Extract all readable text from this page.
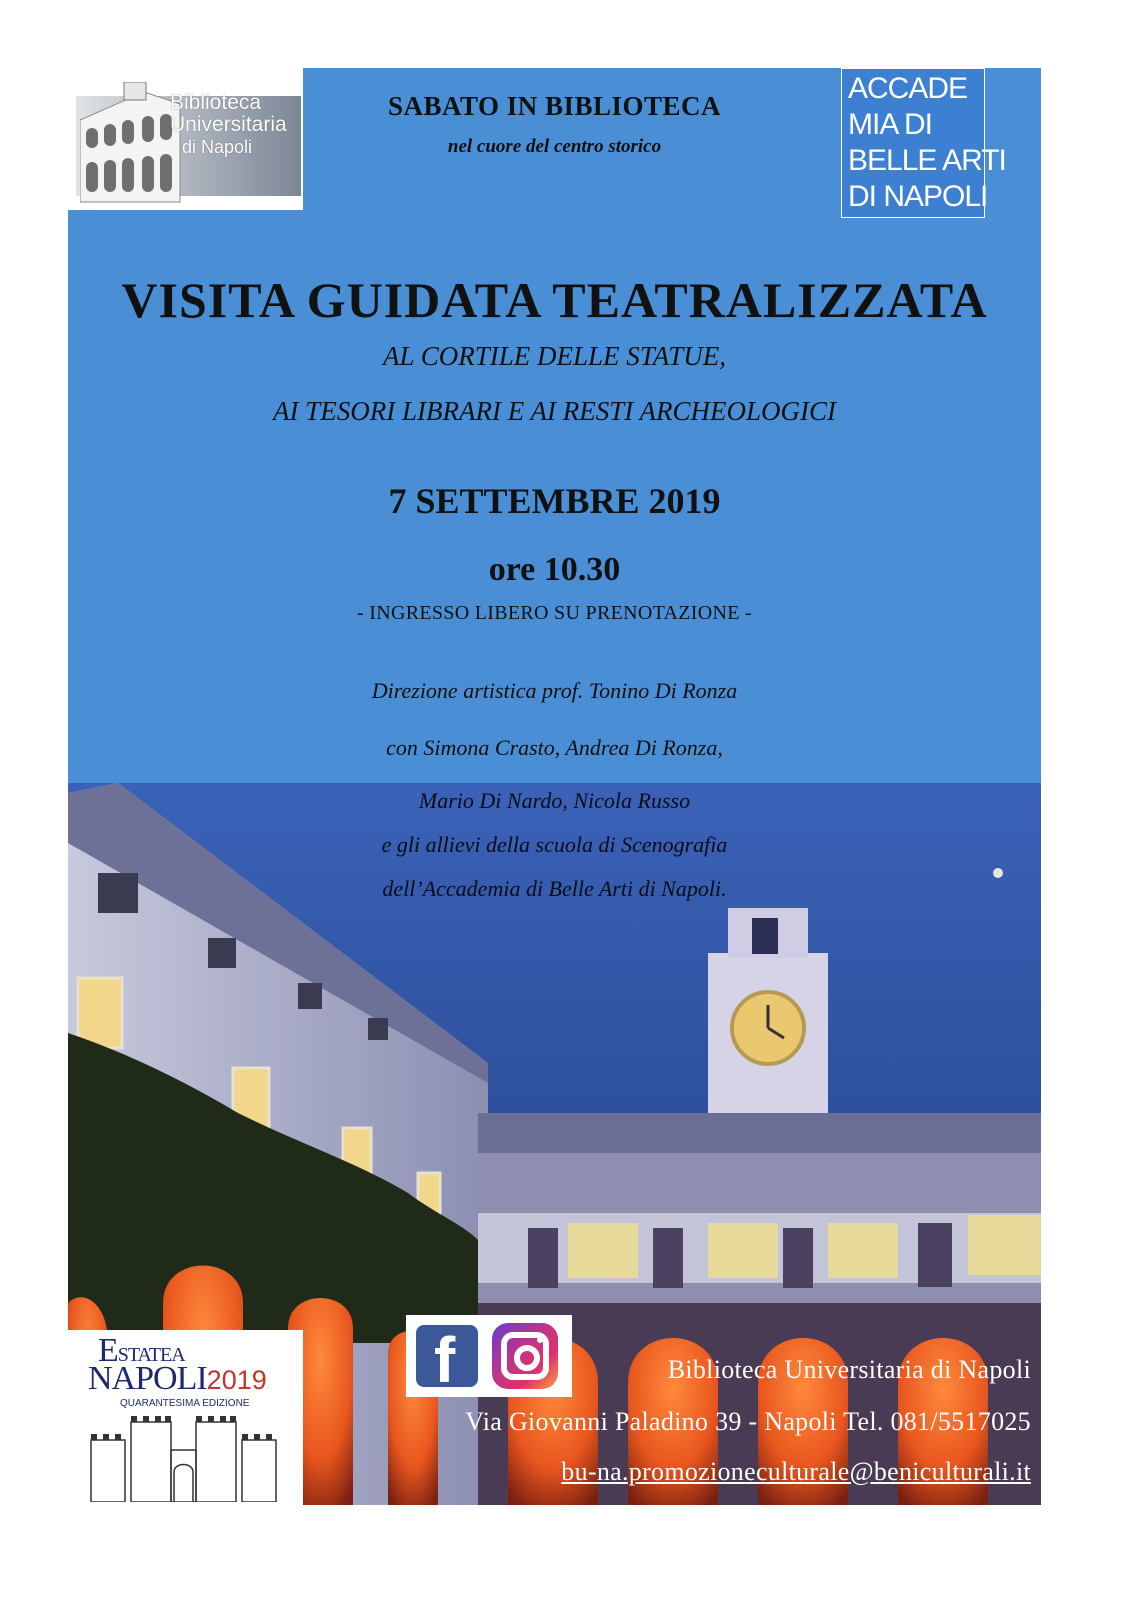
Biblioteca
Universitaria
di Napoli
ACCADE
MIA DI
BELLE ARTI
DI NAPOLI
SABATO IN BIBLIOTECA
nel cuore del centro storico
VISITA GUIDATA TEATRALIZZATA
AL CORTILE DELLE STATUE,
AI TESORI LIBRARI E AI RESTI ARCHEOLOGICI
7 SETTEMBRE 2019
ore 10.30
- INGRESSO LIBERO SU PRENOTAZIONE -
Direzione artistica prof. Tonino Di Ronza
con Simona Crasto, Andrea Di Ronza,
Mario Di Nardo, Nicola Russo
e gli allievi della scuola di Scenografia
dell’Accademia di Belle Arti di Napoli.
ESTATEA
NAPOLI2019
QUARANTESIMA EDIZIONE
f	Biblioteca Universitaria di Napoli
Via Giovanni Paladino 39 - Napoli Tel. 081/5517025
bu-na.promozioneculturale@beniculturali.it
